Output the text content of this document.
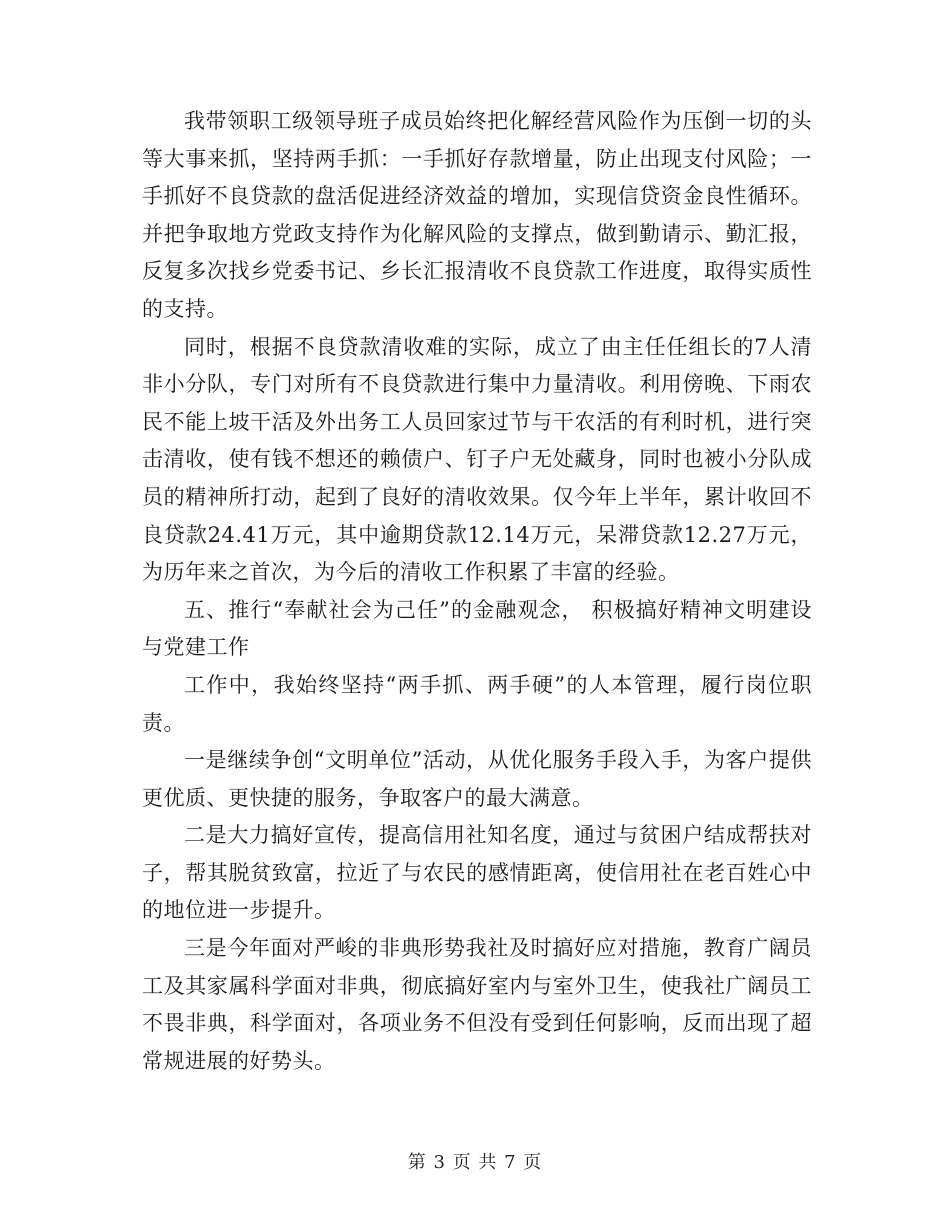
我带领职工级领导班子成员始终把化解经营风险作为压倒一切的头等大事来抓，坚持两手抓：一手抓好存款增量，防止出现支付风险；一手抓好不良贷款的盘活促进经济效益的增加，实现信贷资金良性循环。并把争取地方党政支持作为化解风险的支撑点，做到勤请示、勤汇报，反复多次找乡党委书记、乡长汇报清收不良贷款工作进度，取得实质性的支持。

同时，根据不良贷款清收难的实际，成立了由主任任组长的7人清非小分队，专门对所有不良贷款进行集中力量清收。利用傍晚、下雨农民不能上坡干活及外出务工人员回家过节与干农活的有利时机，进行突击清收，使有钱不想还的赖债户、钉子户无处藏身，同时也被小分队成员的精神所打动，起到了良好的清收效果。仅今年上半年，累计收回不良贷款24.41万元，其中逾期贷款12.14万元，呆滞贷款12.27万元，为历年来之首次，为今后的清收工作积累了丰富的经验。

五、推行“奉献社会为己任”的金融观念， 积极搞好精神文明建设与党建工作

工作中，我始终坚持“两手抓、两手硬”的人本管理，履行岗位职责。

一是继续争创“文明单位”活动，从优化服务手段入手，为客户提供更优质、更快捷的服务，争取客户的最大满意。

二是大力搞好宣传，提高信用社知名度，通过与贫困户结成帮扶对子，帮其脱贫致富，拉近了与农民的感情距离，使信用社在老百姓心中的地位进一步提升。

三是今年面对严峻的非典形势我社及时搞好应对措施，教育广阔员工及其家属科学面对非典，彻底搞好室内与室外卫生，使我社广阔员工不畏非典，科学面对，各项业务不但没有受到任何影响，反而出现了超常规进展的好势头。

第 3 页 共 7 页
